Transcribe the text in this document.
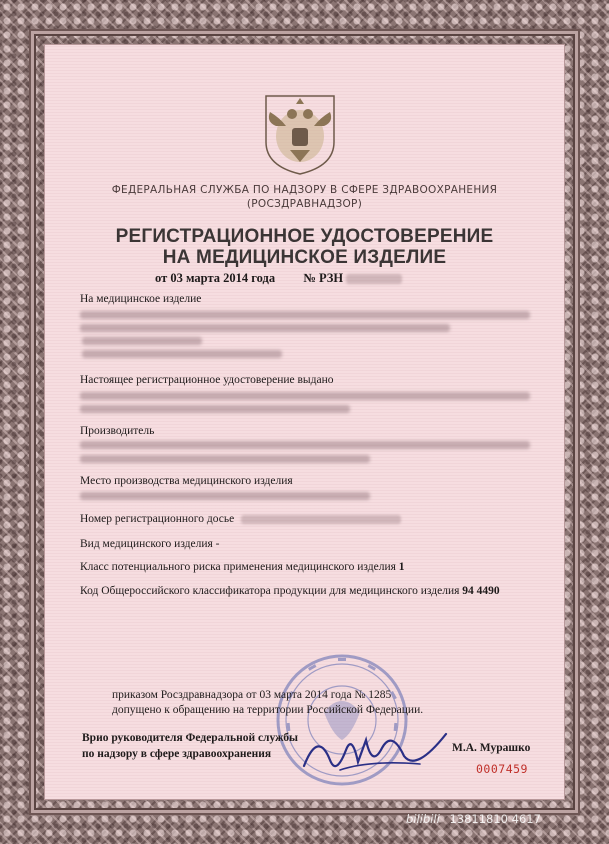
ФЕДЕРАЛЬНАЯ СЛУЖБА ПО НАДЗОРУ В СФЕРЕ ЗДРАВООХРАНЕНИЯ
(РОСЗДРАВНАДЗОР)
РЕГИСТРАЦИОННОЕ УДОСТОВЕРЕНИЕ
НА МЕДИЦИНСКОЕ ИЗДЕЛИЕ
от 03 марта 2014 года № РЗН
На медицинское изделие
Настоящее регистрационное удостоверение выдано
Производитель
Место производства медицинского изделия
Номер регистрационного досье
Вид медицинского изделия -
Класс потенциального риска применения медицинского изделия 1
Код Общероссийского классификатора продукции для медицинского изделия 94 4490
приказом Росздравнадзора от 03 марта 2014 года № 1285
допущено к обращению на территории Российской Федерации.
Врио руководителя Федеральной службы
по надзору в сфере здравоохранения	М.А. Мурашко
0007459
bilibili 13811810 4617
